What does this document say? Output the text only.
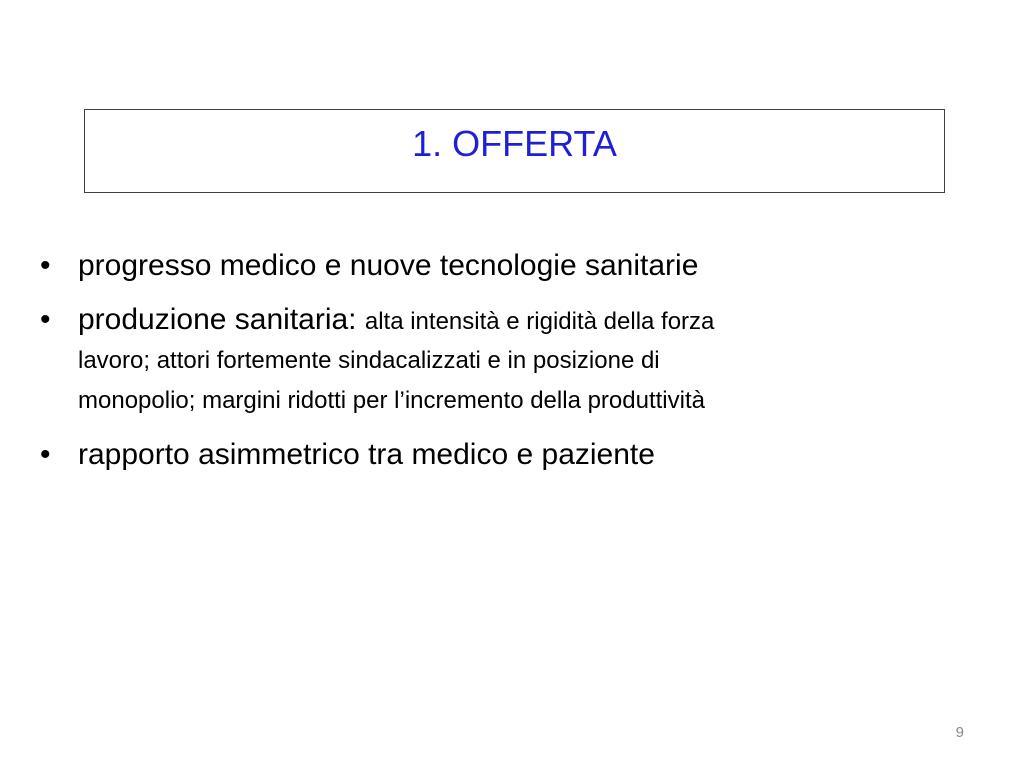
1. OFFERTA
• progresso medico e nuove tecnologie sanitarie
• produzione sanitaria: alta intensità e rigidità della forza
lavoro; attori fortemente sindacalizzati e in posizione di
monopolio; margini ridotti per l’incremento della produttività
• rapporto asimmetrico tra medico e paziente
9
